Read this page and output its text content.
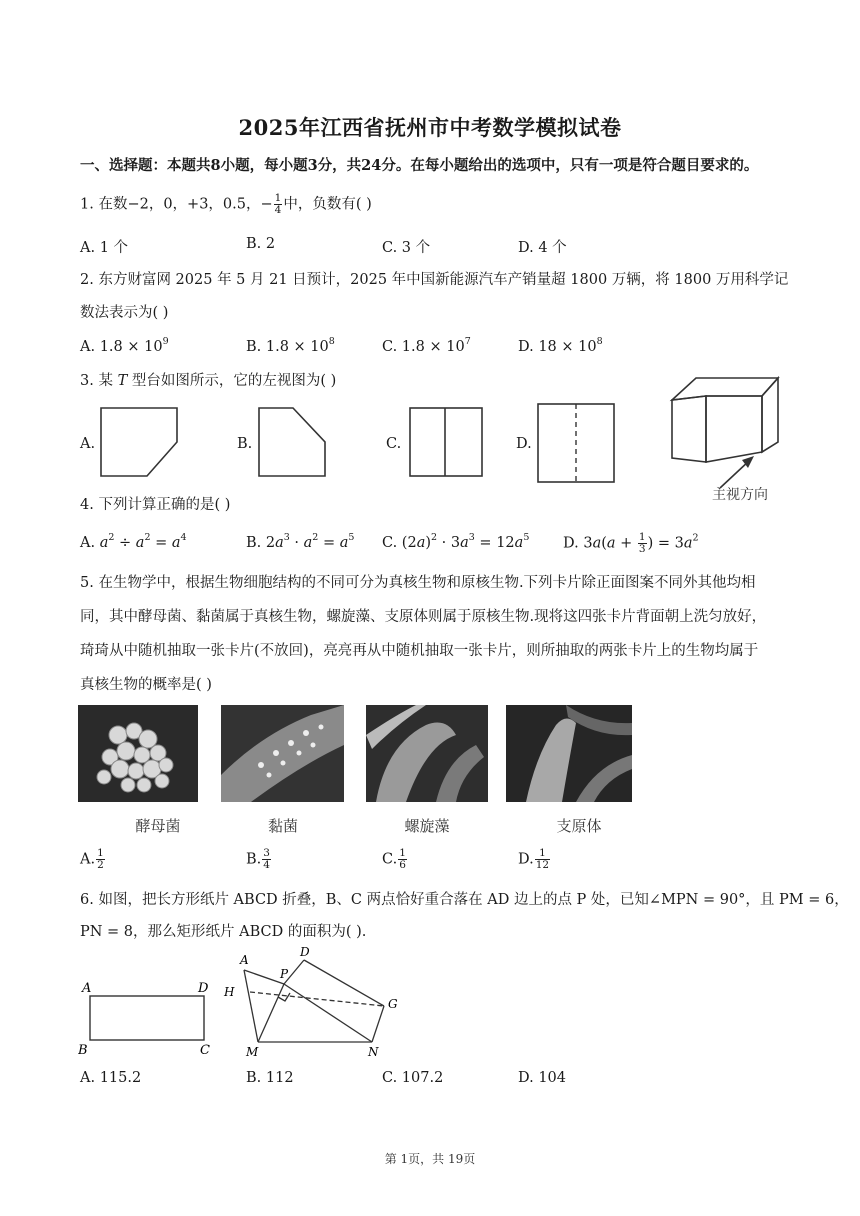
2025年江西省抚州市中考数学模拟试卷
一、选择题：本题共8小题，每小题3分，共24分。在每小题给出的选项中，只有一项是符合题目要求的。
1. 在数−2，0，+3，0.5，− $\frac{1}{4}$ 中，负数有( )
A. 1 个	B. 2	C. 3 个	D. 4 个
2. 东方财富网 2025 年 5 月 21 日预计，2025 年中国新能源汽车产销量超 1800 万辆，将 1800 万用科学记
数法表示为( )
A. $1.8 \times 10^9$	B. $1.8 \times 10^8$	C. $1.8 \times 10^7$	D. $18 \times 10^8$
3. 某 T 型台如图所示，它的左视图为( )
A.	B.	C.	D.
主视方向
4. 下列计算正确的是( )
A. $a^2 \div a^2 = a^4$	B. $2a^3 \cdot a^2 = a^5$ C. $(2a)^2 \cdot 3a^3 = 12a^5$ D. $3a(a + \frac{1}{3}$ ) = $3a^2$
5. 在生物学中，根据生物细胞结构的不同可分为真核生物和原核生物.下列卡片除正面图案不同外其他均相
同，其中酵母菌、黏菌属于真核生物，螺旋藻、支原体则属于原核生物.现将这四张卡片背面朝上洗匀放好，
琦琦从中随机抽取一张卡片(不放回)，亮亮再从中随机抽取一张卡片，则所抽取的两张卡片上的生物均属于
真核生物的概率是( )
酵母菌	黏菌	螺旋藻	支原体
A. $\frac{1}{2}$	B. $\frac{3}{4}$	C. $\frac{1}{6}$	D. $\frac{1}{12}$
6. 如图，把长方形纸片 ABCD 折叠，B、C 两点恰好重合落在 AD 边上的点 P 处，已知∠MPN = 90°，且 PM = 6，
PN = 8，那么矩形纸片 ABCD 的面积为( ).
A	D
B	C
A
D
H
P
G
M	N
A. 115.2	B. 112	C. 107.2	D. 104
第 1页，共 19页
